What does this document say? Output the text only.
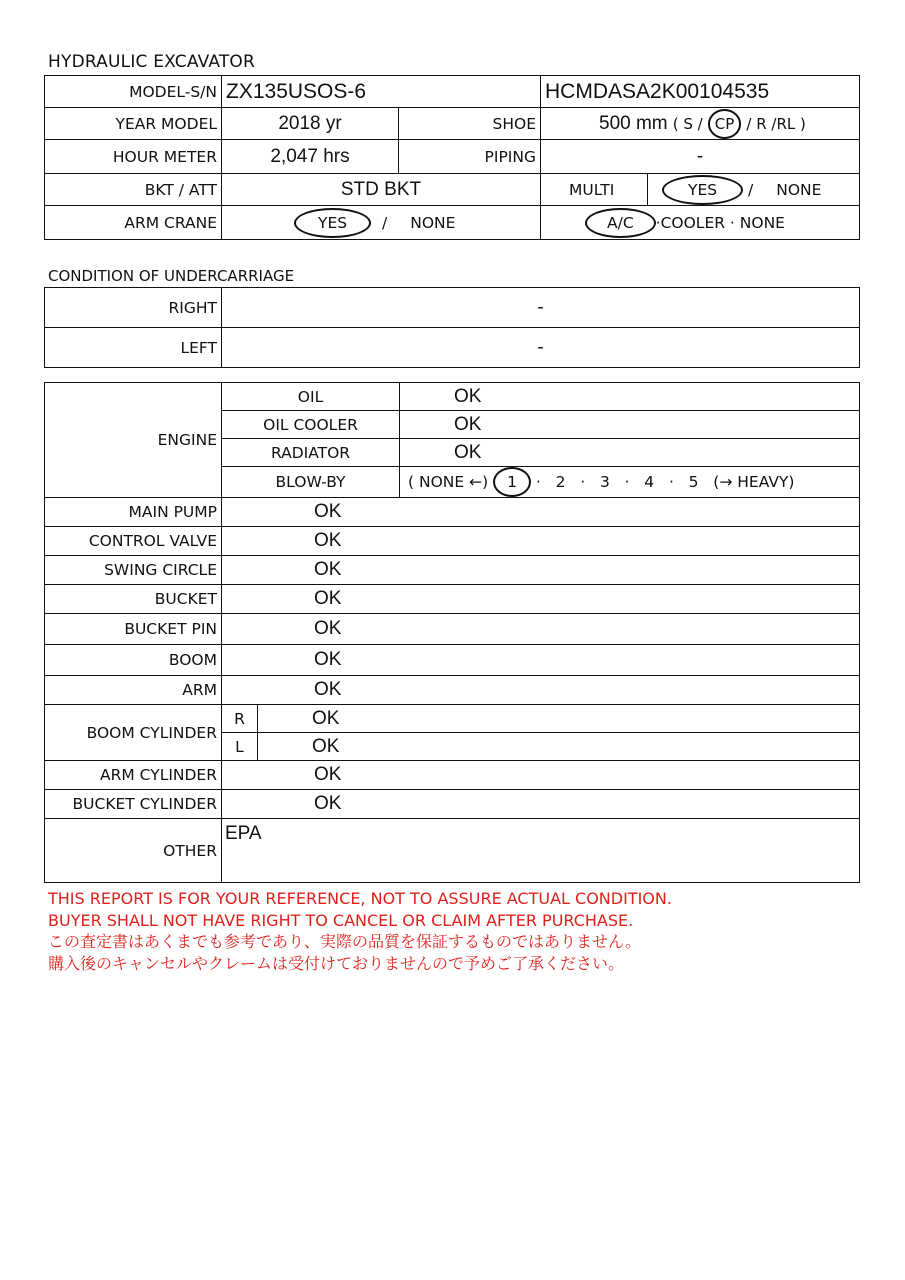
HYDRAULIC EXCAVATOR
MODEL-S/N	ZX135USOS-6		HCMDASA2K00104535	
YEAR MODEL	2018 yr	SHOE	500 mm ( S / CP / R /RL )	
HOUR METER	2,047 hrs	PIPING	-	
BKT / ATT	STD BKT		MULTI	YES / NONE
ARM CRANE	YES / NONE		A/C ·COOLER · NONE	
CONDITION OF UNDERCARRIAGE
RIGHT	-
LEFT	-
ENGINE	OIL		OK
	OIL COOLER		OK
	RADIATOR		OK
	BLOW-BY		( NONE ←) 1 ·   2   ·   3   ·   4   ·   5   (→ HEAVY)
MAIN PUMP	OK		
CONTROL VALVE	OK		
SWING CIRCLE	OK		
BUCKET	OK		
BUCKET PIN	OK		
BOOM	OK		
ARM	OK		
BOOM CYLINDER	R	OK	
	L	OK	
ARM CYLINDER	OK		
BUCKET CYLINDER	OK		
OTHER	EPA		
THIS REPORT IS FOR YOUR REFERENCE, NOT TO ASSURE ACTUAL CONDITION.
BUYER SHALL NOT HAVE RIGHT TO CANCEL OR CLAIM AFTER PURCHASE.
この査定書はあくまでも参考であり、実際の品質を保証するものではありません。
購入後のキャンセルやクレームは受付けておりませんので予めご了承ください。
